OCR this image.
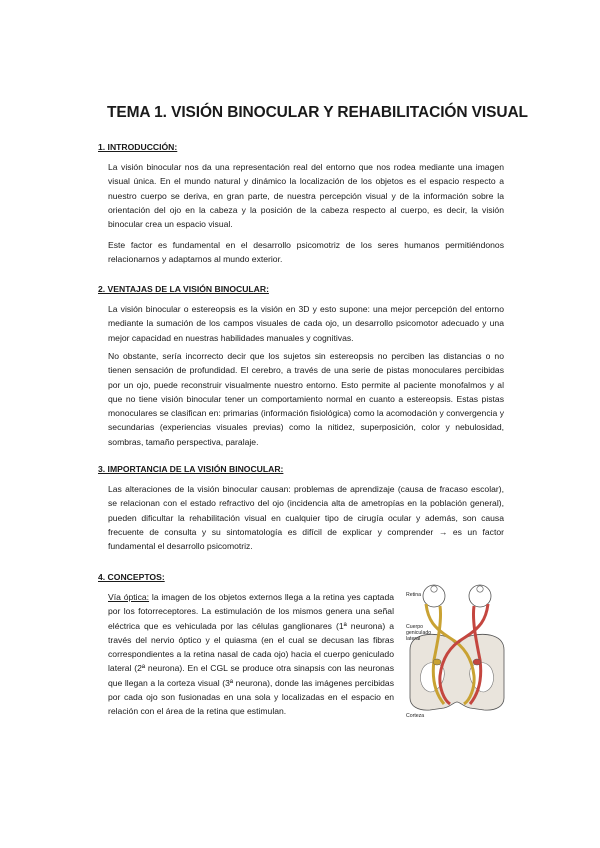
TEMA 1. VISIÓN BINOCULAR Y REHABILITACIÓN VISUAL
1. INTRODUCCIÓN:

La visión binocular nos da una representación real del entorno que nos rodea mediante una imagen visual única. En el mundo natural y dinámico la localización de los objetos es el espacio respecto a nuestro cuerpo se deriva, en gran parte, de nuestra percepción visual y de la información sobre la orientación del ojo en la cabeza y la posición de la cabeza respecto al cuerpo, es decir, la visión binocular crea un espacio visual.

Este factor es fundamental en el desarrollo psicomotriz de los seres humanos permitiéndonos relacionarnos y adaptarnos al mundo exterior.

2. VENTAJAS DE LA VISIÓN BINOCULAR:

La visión binocular o estereopsis es la visión en 3D y esto supone: una mejor percepción del entorno mediante la sumación de los campos visuales de cada ojo, un desarrollo psicomotor adecuado y una mejor capacidad en nuestras habilidades manuales y cognitivas.

No obstante, sería incorrecto decir que los sujetos sin estereopsis no perciben las distancias o no tienen sensación de profundidad. El cerebro, a través de una serie de pistas monoculares percibidas por un ojo, puede reconstruir visualmente nuestro entorno. Esto permite al paciente monofalmos y al que no tiene visión binocular tener un comportamiento normal en cuanto a estereopsis. Estas pistas monoculares se clasifican en: primarias (información fisiológica) como la acomodación y convergencia y secundarias (experiencias visuales previas) como la nitidez, superposición, color y nebulosidad, sombras, tamaño perspectiva, paralaje.

3. IMPORTANCIA DE LA VISIÓN BINOCULAR:

Las alteraciones de la visión binocular causan: problemas de aprendizaje (causa de fracaso escolar), se relacionan con el estado refractivo del ojo (incidencia alta de ametropías en la población general), pueden dificultar la rehabilitación visual en cualquier tipo de cirugía ocular y además, son causa frecuente de consulta y su sintomatología es difícil de explicar y comprender → es un factor fundamental el desarrollo psicomotriz.

4. CONCEPTOS:

Vía óptica: la imagen de los objetos externos llega a la retina yes captada por los fotorreceptores. La estimulación de los mismos genera una señal eléctrica que es vehiculada por las células ganglionares (1ª neurona) a través del nervio óptico y el quiasma (en el cual se decusan las fibras correspondientes a la retina nasal de cada ojo) hacia el cuerpo geniculado lateral (2ª neurona). En el CGL se produce otra sinapsis con las neuronas que llegan a la corteza visual (3ª neurona), donde las imágenes percibidas por cada ojo son fusionadas en una sola y localizadas en el espacio en relación con el área de la retina que estimulan.

Retina
Cuerpo
geniculado
lateral
Corteza
